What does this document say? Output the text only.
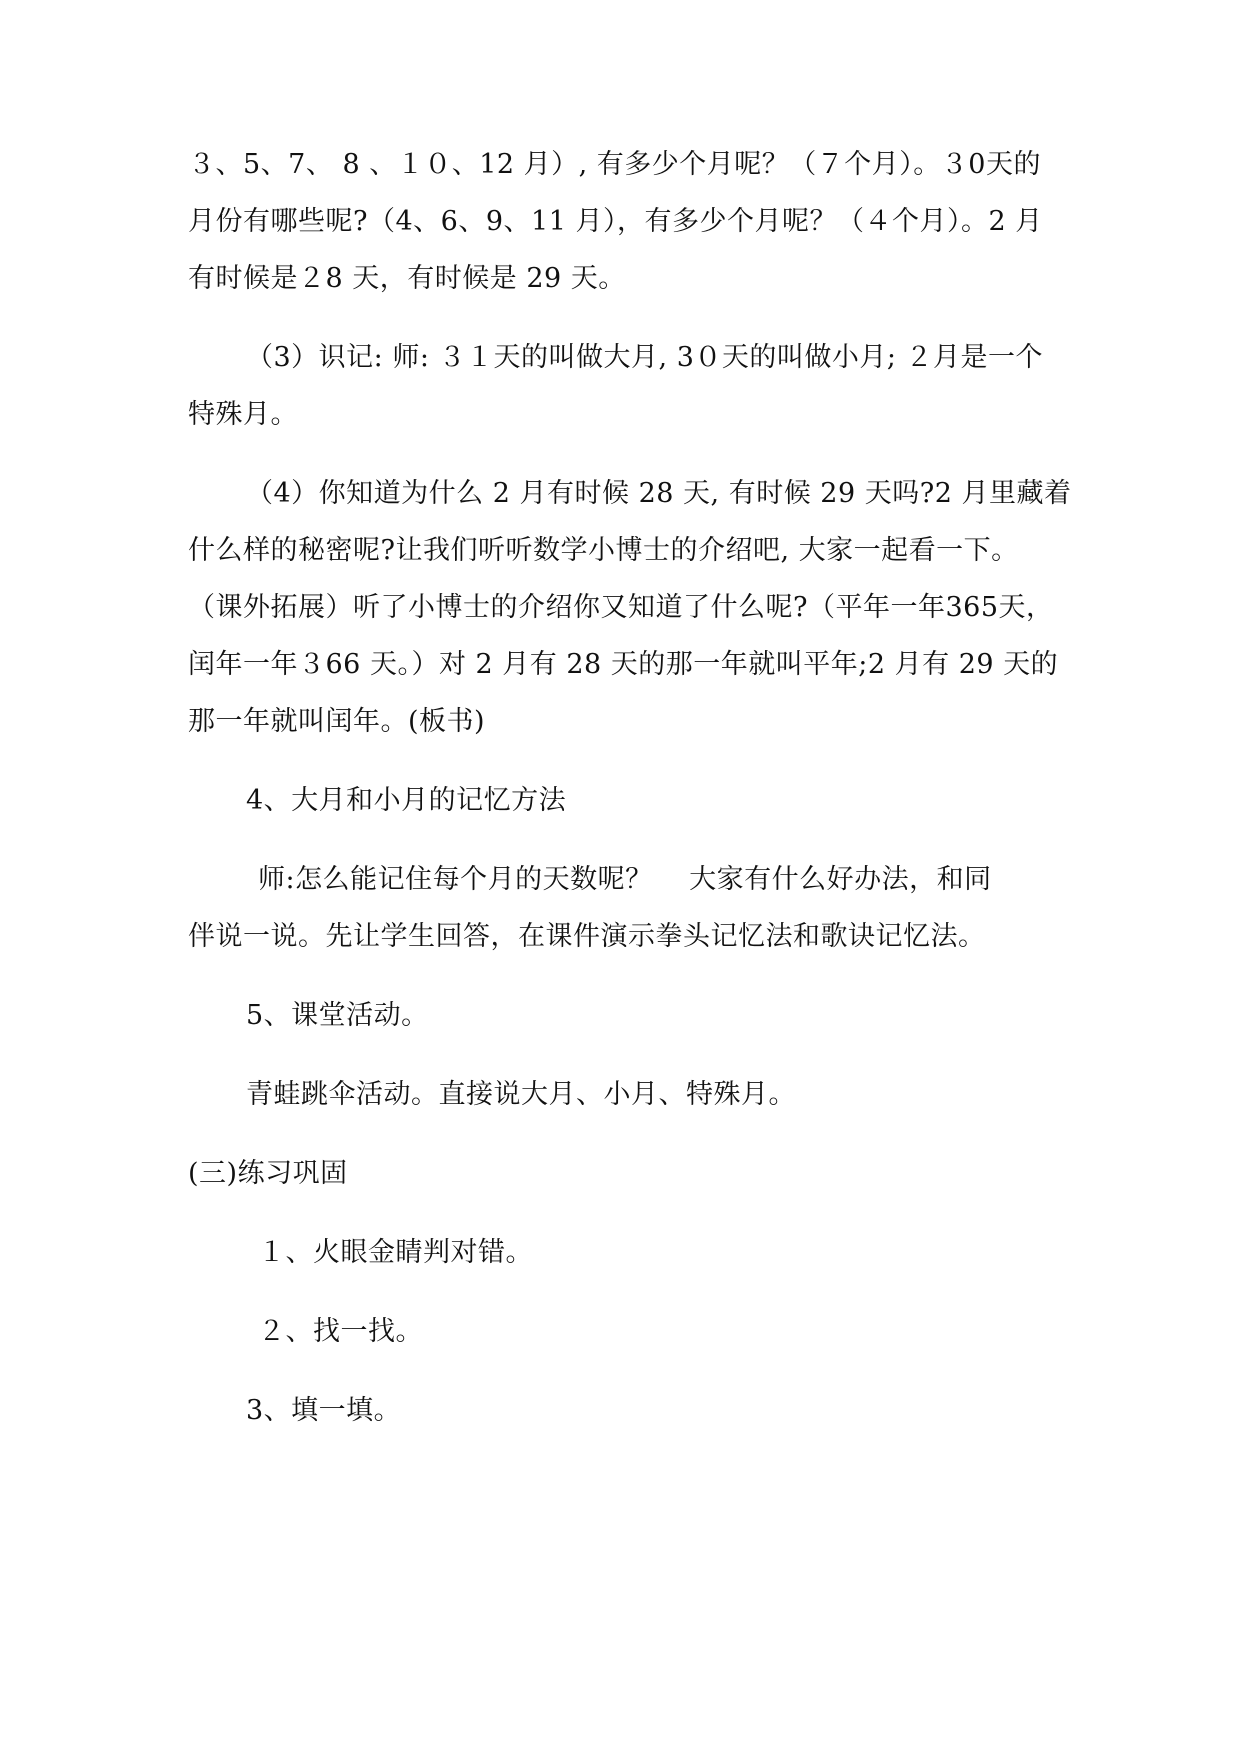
３、5、7、 8 、１０、12 月）, 有多少个月呢？（７个月）。３0天的
月份有哪些呢?（4、6、9、11 月），有多少个月呢？（４个月）。2 月
有时候是２8 天，有时候是 29 天。
（3）识记: 师: ３１天的叫做大月, 3０天的叫做小月; ２月是一个
特殊月。
（4）你知道为什么 2 月有时候 28 天, 有时候 29 天吗?2 月里藏着
什么样的秘密呢?让我们听听数学小博士的介绍吧, 大家一起看一下。
（课外拓展）听了小博士的介绍你又知道了什么呢?（平年一年365天，
闰年一年３66 天。）对 2 月有 28 天的那一年就叫平年;2 月有 29 天的
那一年就叫闰年。(板书)
4、大月和小月的记忆方法
师:怎么能记住每个月的天数呢？　 大家有什么好办法，和同
伴说一说。先让学生回答，在课件演示拳头记忆法和歌诀记忆法。
5、课堂活动。
青蛙跳伞活动。直接说大月、小月、特殊月。
(三)练习巩固
１、火眼金睛判对错。
２、找一找。
3、填一填。
